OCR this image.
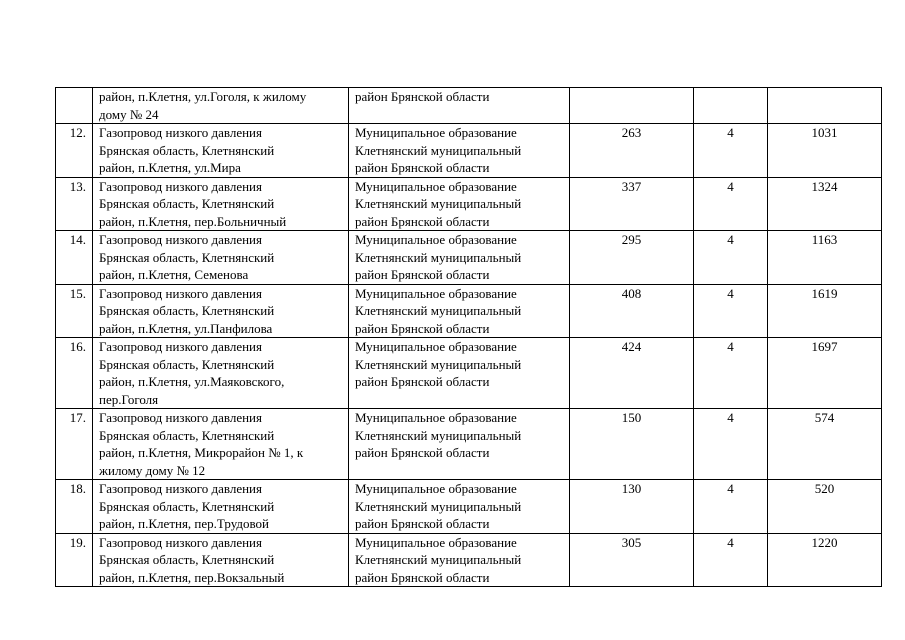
	район, п.Клетня, ул.Гоголя, к жилому
дому № 24	район Брянской области			

12.	Газопровод низкого давления
Брянская область, Клетнянский
район, п.Клетня, ул.Мира	Муниципальное образование
Клетнянский муниципальный
район Брянской области	263	4	1031
13.	Газопровод низкого давления
Брянская область, Клетнянский
район, п.Клетня, пер.Больничный	Муниципальное образование
Клетнянский муниципальный
район Брянской области	337	4	1324
14.	Газопровод низкого давления
Брянская область, Клетнянский
район, п.Клетня, Семенова	Муниципальное образование
Клетнянский муниципальный
район Брянской области	295	4	1163
15.	Газопровод низкого давления
Брянская область, Клетнянский
район, п.Клетня, ул.Панфилова	Муниципальное образование
Клетнянский муниципальный
район Брянской области	408	4	1619
16.	Газопровод низкого давления
Брянская область, Клетнянский
район, п.Клетня, ул.Маяковского,
пер.Гоголя	Муниципальное образование
Клетнянский муниципальный
район Брянской области	424	4	1697
17.	Газопровод низкого давления
Брянская область, Клетнянский
район, п.Клетня, Микрорайон № 1, к
жилому дому № 12	Муниципальное образование
Клетнянский муниципальный
район Брянской области	150	4	574
18.	Газопровод низкого давления
Брянская область, Клетнянский
район, п.Клетня, пер.Трудовой	Муниципальное образование
Клетнянский муниципальный
район Брянской области	130	4	520
19.	Газопровод низкого давления
Брянская область, Клетнянский
район, п.Клетня, пер.Вокзальный	Муниципальное образование
Клетнянский муниципальный
район Брянской области	305	4	1220
